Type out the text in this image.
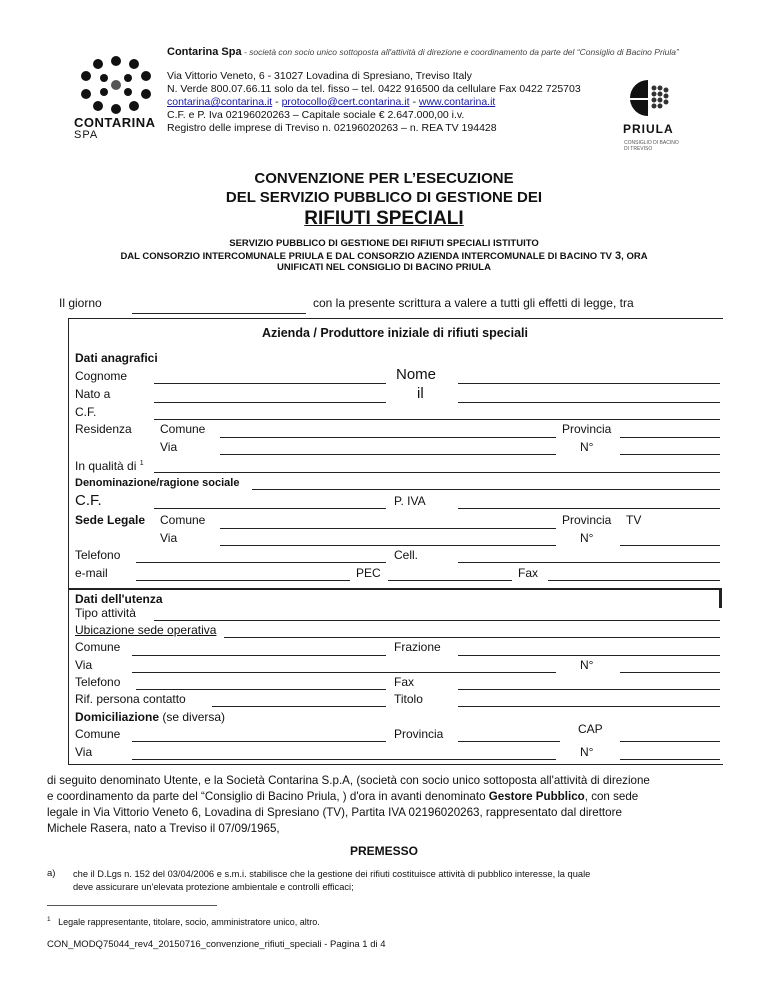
CONTARINA
SPA
Contarina Spa - società con socio unico sottoposta all'attività di direzione e coordinamento da parte del “Consiglio di Bacino Priula”
Via Vittorio Veneto, 6 - 31027 Lovadina di Spresiano, Treviso Italy
N. Verde 800.07.66.11 solo da tel. fisso – tel. 0422 916500 da cellulare Fax 0422 725703
contarina@contarina.it - protocollo@cert.contarina.it - www.contarina.it
C.F. e P. Iva 02196020263 – Capitale sociale € 2.647.000,00 i.v.
Registro delle imprese di Treviso n. 02196020263 – n. REA TV 194428	PRIULA
CONSIGLIO DI BACINO
DI TREVISO
CONVENZIONE PER L’ESECUZIONE
DEL SERVIZIO PUBBLICO DI GESTIONE DEI
RIFIUTI SPECIALI
SERVIZIO PUBBLICO DI GESTIONE DEI RIFIUTI SPECIALI ISTITUITO
DAL CONSORZIO INTERCOMUNALE PRIULA E DAL CONSORZIO AZIENDA INTERCOMUNALE DI BACINO TV 3, ORA
UNIFICATI NEL CONSIGLIO DI BACINO PRIULA
Il giorno	con la presente scrittura a valere a tutti gli effetti di legge, tra
Azienda / Produttore iniziale di rifiuti speciali
Dati anagrafici
Cognome	Nome
Nato a	il
C.F.
Residenza Comune	Provincia
Via	N°
In qualità di $^1$
Denominazione/ragione sociale
C.F.	P. IVA
Sede Legale Comune	Provincia TV
Via	N°
Telefono	Cell.
e-mail	PEC	Fax
Dati dell'utenza
Tipo attività
Ubicazione sede operativa
Comune	Frazione
Via	N°
Telefono	Fax
Rif. persona contatto	Titolo
Domiciliazione (se diversa)
Comune	Provincia	CAP
Via	N°
di seguito denominato Utente, e la Società Contarina S.p.A, (società con socio unico sottoposta all'attività di direzione
e coordinamento da parte del “Consiglio di Bacino Priula, ) d'ora in avanti denominato Gestore Pubblico, con sede
legale in Via Vittorio Veneto 6, Lovadina di Spresiano (TV), Partita IVA 02196020263, rappresentato dal direttore
Michele Rasera, nato a Treviso il 07/09/1965,
PREMESSO
a) che il D.Lgs n. 152 del 03/04/2006 e s.m.i. stabilisce che la gestione dei rifiuti costituisce attività di pubblico interesse, la quale
deve assicurare un'elevata protezione ambientale e controlli efficaci;
$^1$ Legale rappresentante, titolare, socio, amministratore unico, altro.
CON_MODQ75044_rev4_20150716_convenzione_rifiuti_speciali - Pagina 1 di 4
